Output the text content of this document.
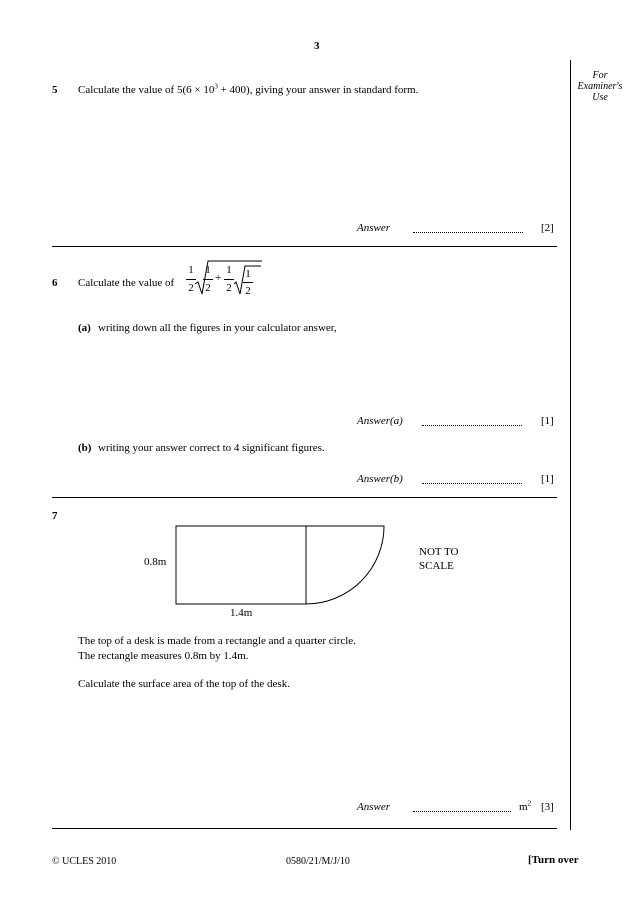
3
For
Examiner's
Use
5 Calculate the value of $5(6 \times 10^3 + 400)$, giving your answer in standard form.
Answer	[2]
6 Calculate the value of
1
2
1
2
+
1
2
1
2
(a) writing down all the figures in your calculator answer,
Answer(a)	[1]
(b) writing your answer correct to 4 significant figures.
Answer(b)	[1]
7
0.8m
1.4m
NOT TO
SCALE
The top of a desk is made from a rectangle and a quarter circle.
The rectangle measures 0.8m by 1.4m.
Calculate the surface area of the top of the desk.
Answer	$m^2$ [3]
© UCLES 2010	0580/21/M/J/10	[Turn over
